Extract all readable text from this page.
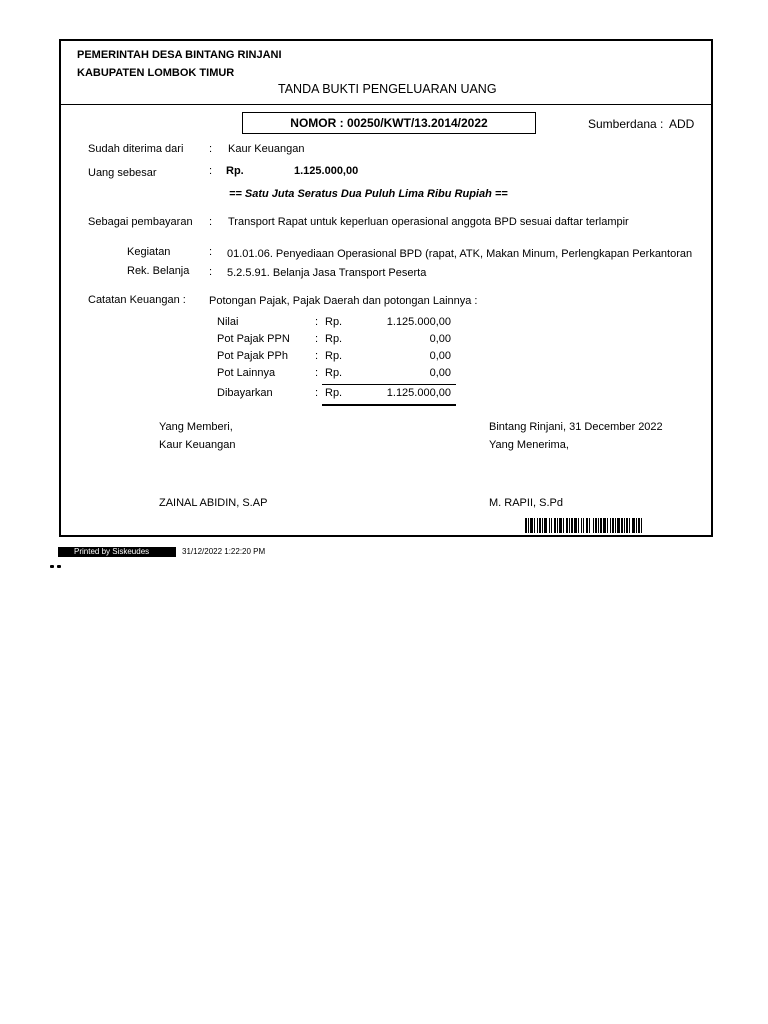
PEMERINTAH DESA BINTANG RINJANI
KABUPATEN LOMBOK TIMUR
TANDA BUKTI PENGELUARAN UANG
NOMOR : 00250/KWT/13.2014/2022	Sumberdana : ADD
Sudah diterima dari : Kaur Keuangan
Uang sebesar	: Rp.	1.125.000,00
== Satu Juta Seratus Dua Puluh Lima Ribu Rupiah ==
Sebagai pembayaran : Transport Rapat untuk keperluan operasional anggota BPD sesuai daftar terlampir
Kegiatan	: 01.01.06. Penyediaan Operasional BPD (rapat, ATK, Makan Minum, Perlengkapan Perkantoran
Rek. Belanja : 5.2.5.91. Belanja Jasa Transport Peserta
Catatan Keuangan : Potongan Pajak, Pajak Daerah dan potongan Lainnya :
Nilai	: Rp.	1.125.000,00
Pot Pajak PPN : Rp.	0,00
Pot Pajak PPh : Rp.	0,00
Pot Lainnya	: Rp.	0,00
Dibayarkan	: Rp.	1.125.000,00
Yang Memberi,
Kaur Keuangan
ZAINAL ABIDIN, S.AP
Bintang Rinjani, 31 December 2022
Yang Menerima,
M. RAPII, S.Pd
Printed by Siskeudes	31/12/2022 1:22:20 PM
